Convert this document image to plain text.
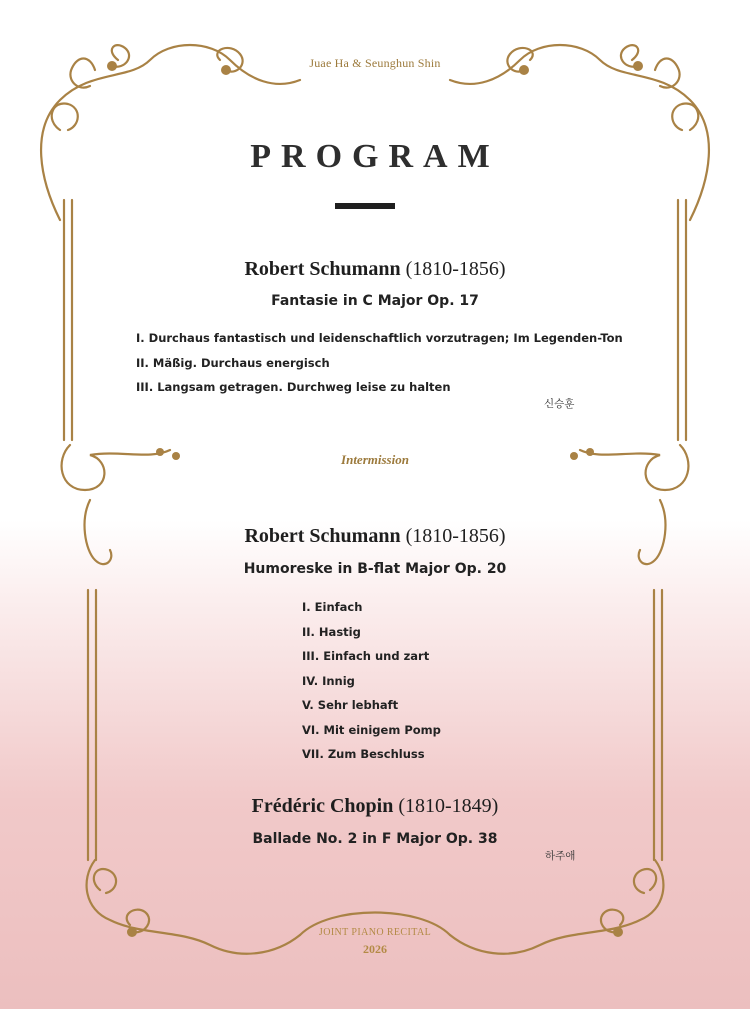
Juae Ha & Seunghun Shin
PROGRAM
Robert Schumann (1810-1856)
Fantasie in C Major Op. 17
I. Durchaus fantastisch und leidenschaftlich vorzutragen; Im Legenden-Ton
II. Mäßig. Durchaus energisch
III. Langsam getragen. Durchweg leise zu halten
신승훈
Intermission
Robert Schumann (1810-1856)
Humoreske in B-flat Major Op. 20
I. Einfach
II. Hastig
III. Einfach und zart
IV. Innig
V. Sehr lebhaft
VI. Mit einigem Pomp
VII. Zum Beschluss
Frédéric Chopin (1810-1849)
Ballade No. 2 in F Major Op. 38
하주애
JOINT PIANO RECITAL
2026
